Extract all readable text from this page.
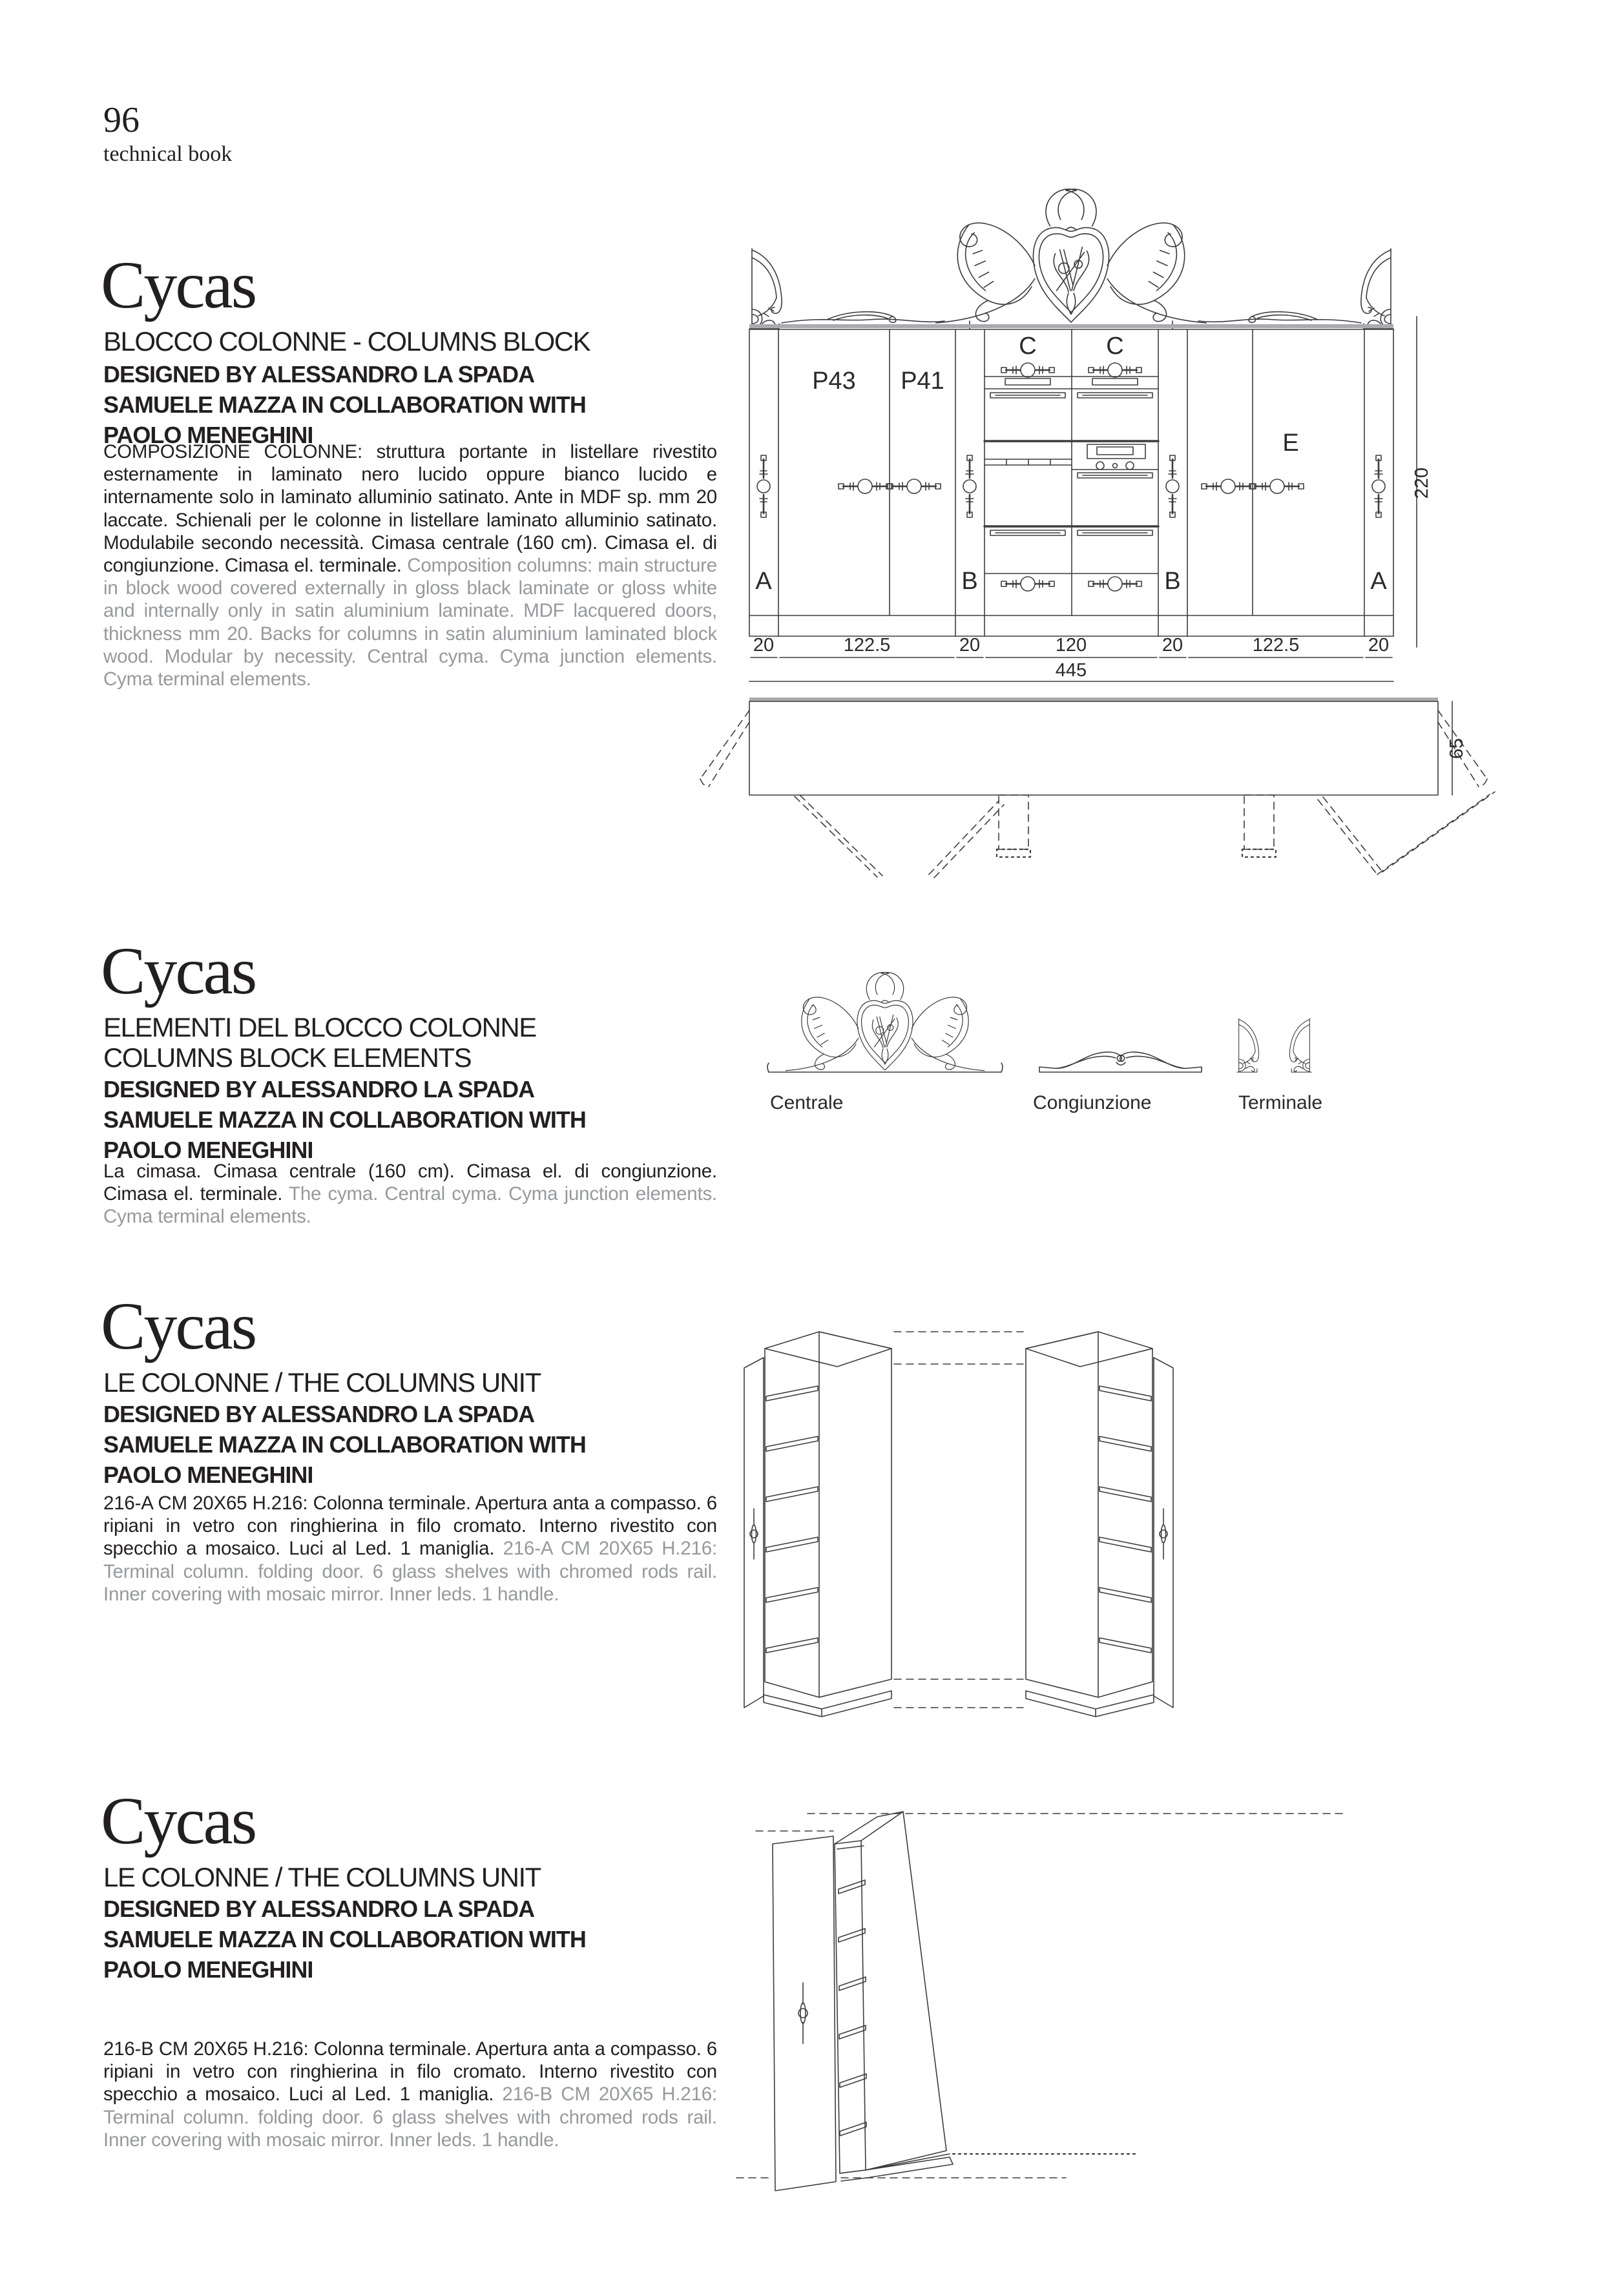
96
technical book
Cycas
BLOCCO COLONNE - COLUMNS BLOCK
DESIGNED BY ALESSANDRO LA SPADA
SAMUELE MAZZA IN COLLABORATION WITH
PAOLO MENEGHINI

COMPOSIZIONE COLONNE: struttura portante in listellare rivestito esternamente in laminato nero lucido oppure bianco lucido e internamente solo in laminato alluminio satinato. Ante in MDF sp. mm 20 laccate. Schienali per le colonne in listellare laminato alluminio satinato. Modulabile secondo necessità. Cimasa centrale (160 cm). Cimasa el. di congiunzione. Cimasa el. terminale. Composition columns: main structure in block wood covered externally in gloss black laminate or gloss white and internally only in satin aluminium laminate. MDF lacquered doors, thickness mm 20. Backs for columns in satin aluminium laminated block wood. Modular by necessity. Central cyma. Cyma junction elements. Cyma terminal elements.

P43 P41
C	C
E
A	B	B	A
20	122.5	20	120	20	122.5	20
445
220
65
Cycas
ELEMENTI DEL BLOCCO COLONNE
COLUMNS BLOCK ELEMENTS
DESIGNED BY ALESSANDRO LA SPADA
SAMUELE MAZZA IN COLLABORATION WITH
PAOLO MENEGHINI

La cimasa. Cimasa centrale (160 cm). Cimasa el. di congiunzione. Cimasa el. terminale. The cyma. Central cyma. Cyma junction elements. Cyma terminal elements.

Centrale	Congiunzione	Terminale
Cycas
LE COLONNE / THE COLUMNS UNIT
DESIGNED BY ALESSANDRO LA SPADA
SAMUELE MAZZA IN COLLABORATION WITH
PAOLO MENEGHINI

216-A CM 20X65 H.216: Colonna terminale. Apertura anta a compasso. 6 ripiani in vetro con ringhierina in filo cromato. Interno rivestito con specchio a mosaico. Luci al Led. 1 maniglia. 216-A CM 20X65 H.216: Terminal column. folding door. 6 glass shelves with chromed rods rail. Inner covering with mosaic mirror. Inner leds. 1 handle.

Cycas
LE COLONNE / THE COLUMNS UNIT
DESIGNED BY ALESSANDRO LA SPADA
SAMUELE MAZZA IN COLLABORATION WITH
PAOLO MENEGHINI

216-B CM 20X65 H.216: Colonna terminale. Apertura anta a compasso. 6 ripiani in vetro con ringhierina in filo cromato. Interno rivestito con specchio a mosaico. Luci al Led. 1 maniglia. 216-B CM 20X65 H.216: Terminal column. folding door. 6 glass shelves with chromed rods rail. Inner covering with mosaic mirror. Inner leds. 1 handle.
